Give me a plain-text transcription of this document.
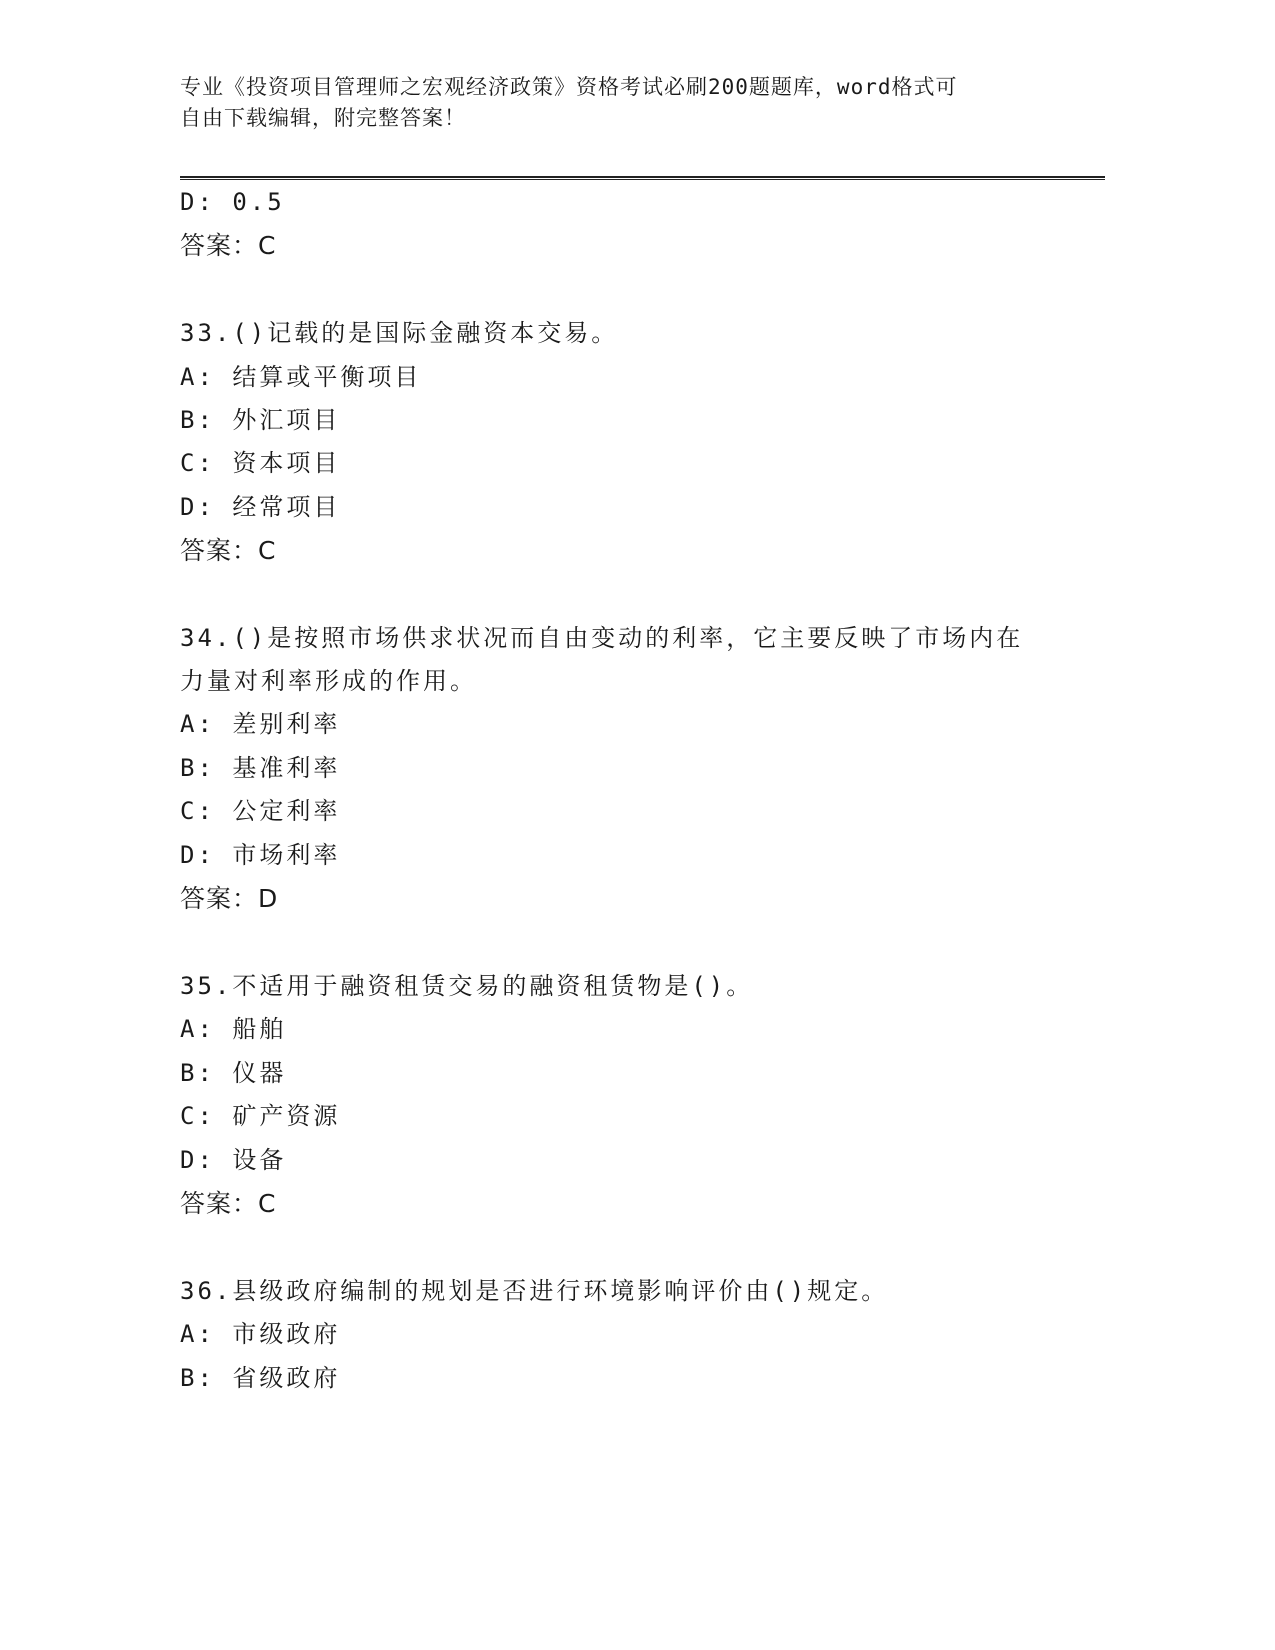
专业《投资项目管理师之宏观经济政策》资格考试必刷200题题库，word格式可
自由下载编辑，附完整答案！
D: 0.5
答案：C
33.()记载的是国际金融资本交易。
A: 结算或平衡项目
B: 外汇项目
C: 资本项目
D: 经常项目
答案：C
34.()是按照市场供求状况而自由变动的利率，它主要反映了市场内在
力量对利率形成的作用。
A: 差别利率
B: 基准利率
C: 公定利率
D: 市场利率
答案：D
35.不适用于融资租赁交易的融资租赁物是()。
A: 船舶
B: 仪器
C: 矿产资源
D: 设备
答案：C
36.县级政府编制的规划是否进行环境影响评价由()规定。
A: 市级政府
B: 省级政府
